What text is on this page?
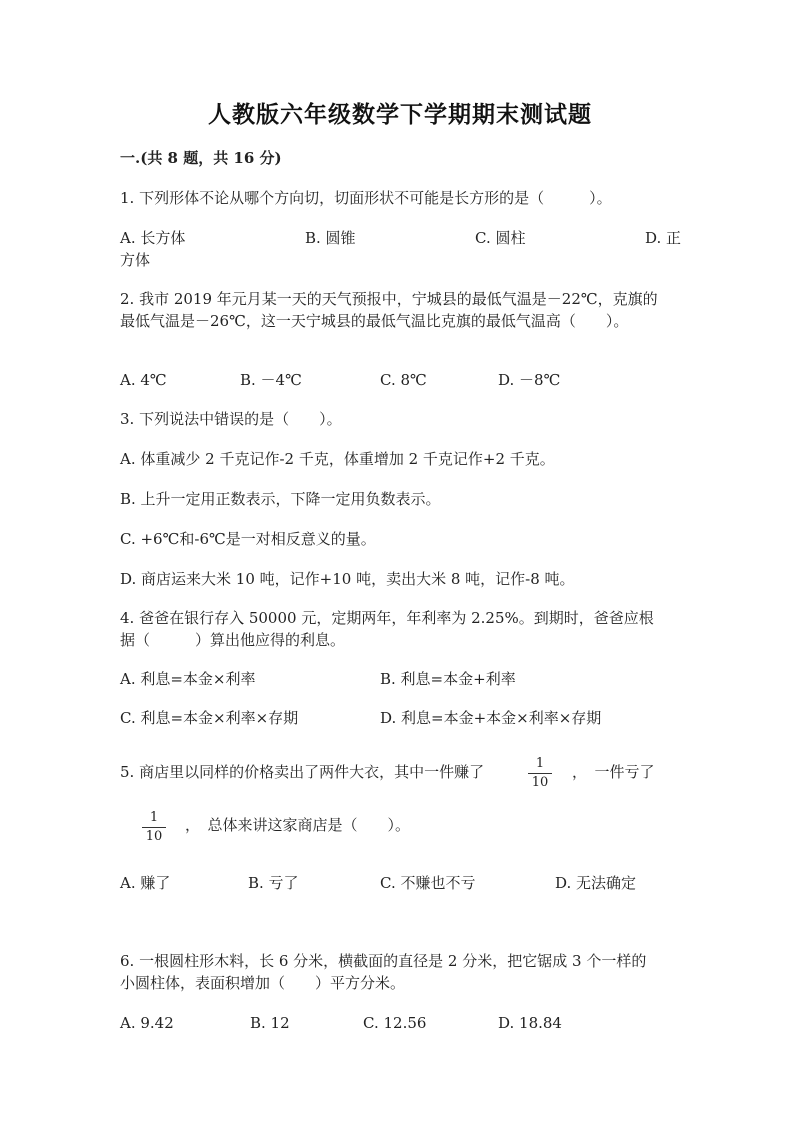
人教版六年级数学下学期期末测试题
一.(共 8 题，共 16 分)
1. 下列形体不论从哪个方向切，切面形状不可能是长方形的是（　　　）。
A. 长方体	B. 圆锥	C. 圆柱	D. 正
方体
2. 我市 2019 年元月某一天的天气预报中，宁城县的最低气温是－22℃，克旗的
最低气温是－26℃，这一天宁城县的最低气温比克旗的最低气温高（　　）。
A. 4℃	B. －4℃	C. 8℃	D. －8℃
3. 下列说法中错误的是（　　）。
A. 体重减少 2 千克记作-2 千克，体重增加 2 千克记作+2 千克。
B. 上升一定用正数表示，下降一定用负数表示。
C. +6℃和-6℃是一对相反意义的量。
D. 商店运来大米 10 吨，记作+10 吨，卖出大米 8 吨，记作-8 吨。
4. 爸爸在银行存入 50000 元，定期两年，年利率为 2.25%。到期时，爸爸应根
据（　　　）算出他应得的利息。
A. 利息=本金×利率	B. 利息=本金+利率
C. 利息=本金×利率×存期	D. 利息=本金+本金×利率×存期
5. 商店里以同样的价格卖出了两件大衣，其中一件赚了	1
10
，　一件亏了
1
10
，　总体来讲这家商店是（　　）。
A. 赚了	B. 亏了	C. 不赚也不亏	D. 无法确定
6. 一根圆柱形木料，长 6 分米，横截面的直径是 2 分米，把它锯成 3 个一样的
小圆柱体，表面积增加（　　）平方分米。
A. 9.42	B. 12	C. 12.56	D. 18.84
